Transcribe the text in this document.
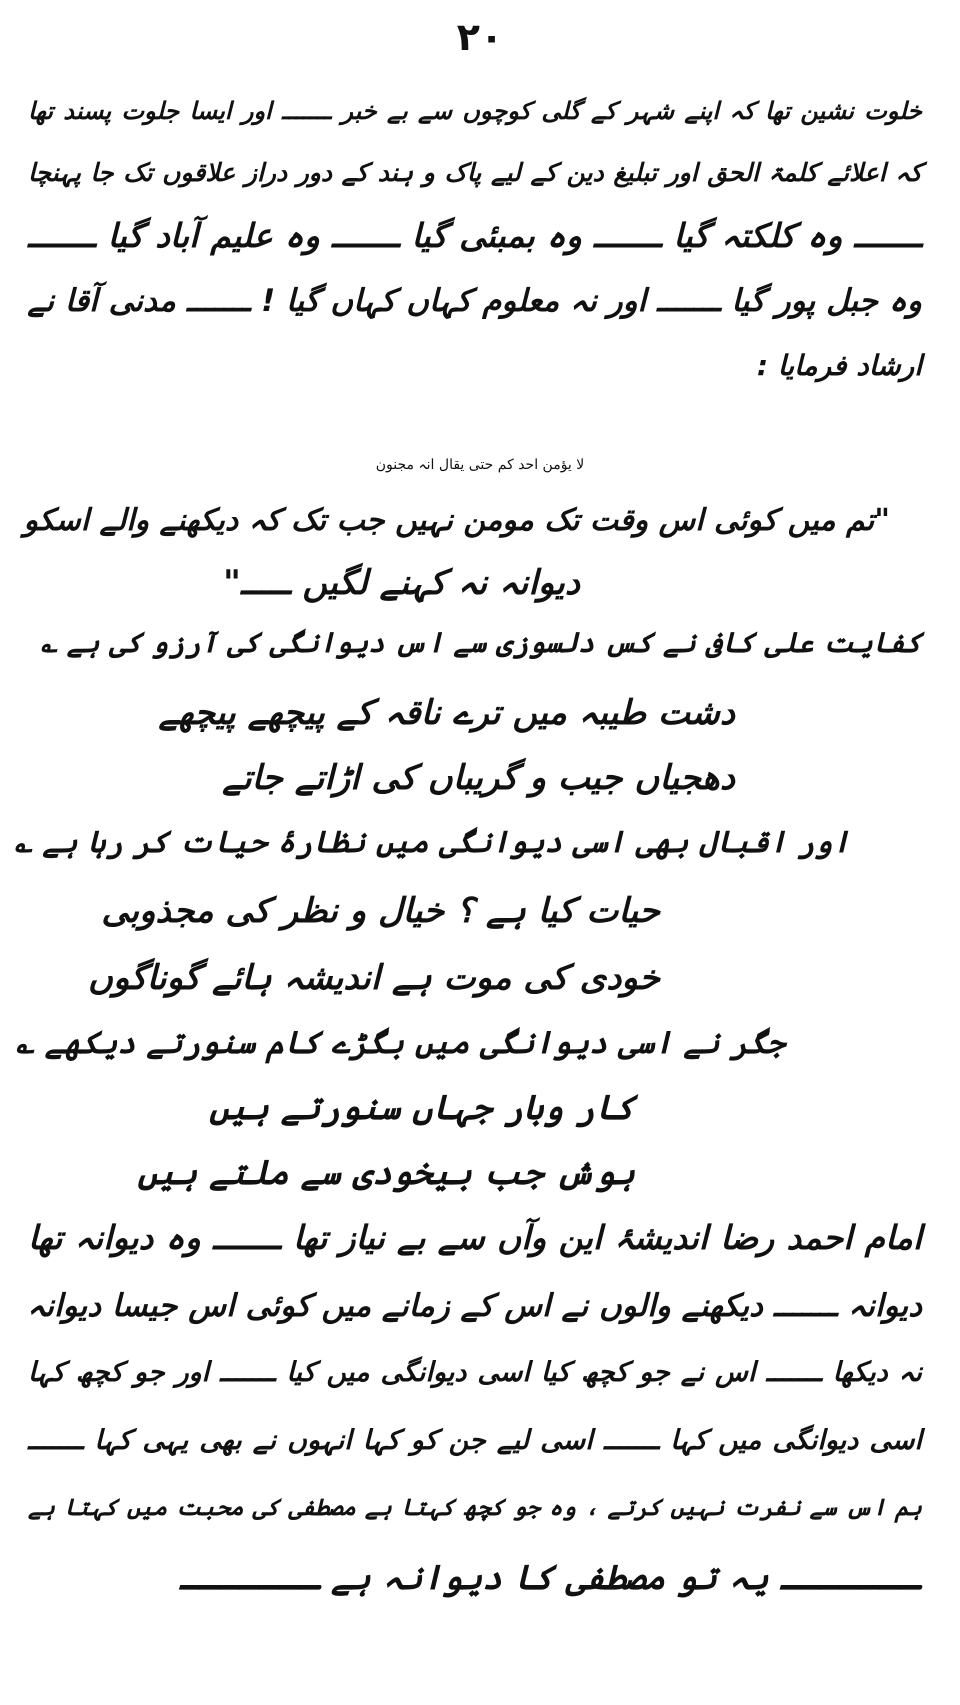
۲۰
خلوت نشین تھا کہ اپنے شہر کے گلی کوچوں سے بے خبر ـــــــ اور ایسا جلوت پسند تھا
کہ اعلائے کلمۃ الحق اور تبلیغ دین کے لیے پاک و ہند کے دور دراز علاقوں تک جا پہنچا
ـــــــ وہ کلکتہ گیا ـــــــ وہ بمبئی گیا ـــــــ وہ علیم آباد گیا ـــــــ
وہ جبل پور گیا ـــــــ اور نہ معلوم کہاں کہاں گیا ! ـــــــ مدنی آقا نے
ارشاد فرمایا :
لا یؤمن احد کم حتی یقال انہ مجنون
"تم میں کوئی اس وقت تک مومن نہیں جب تک کہ دیکھنے والے اسکو
دیوانہ نہ کہنے لگیں ـــــ"
کفایت علی کافی نے کس دلسوزی سے اس دیوانگی کی آرزو کی ہے ؎
دشت طیبہ میں ترے ناقہ کے پیچھے پیچھے
دھجیاں جیب و گریباں کی اڑاتے جاتے
اور اقبال بھی اسی دیوانگی میں نظارۂ حیات کر رہا ہے ؎
حیات کیا ہے ؟ خیال و نظر کی مجذوبی
خودی کی موت ہے اندیشہ ہائے گوناگوں
جگر نے اسی دیوانگی میں بگڑے کام سنورتے دیکھے ؎
کار وبار جہاں سنورتے ہیں
ہوش جب بیخودی سے ملتے ہیں
امام احمد رضا اندیشۂ این وآں سے بے نیاز تھا ـــــــ وہ دیوانہ تھا
دیوانہ ـــــــ دیکھنے والوں نے اس کے زمانے میں کوئی اس جیسا دیوانہ
نہ دیکھا ـــــــ اس نے جو کچھ کیا اسی دیوانگی میں کیا ـــــــ اور جو کچھ کہا
اسی دیوانگی میں کہا ـــــــ اسی لیے جن کو کہا انہوں نے بھی یہی کہا ـــــــ
ہم اس سے نفرت نہیں کرتے ، وہ جو کچھ کہتا ہے مصطفی کی محبت میں کہتا ہے
ـــــــ یہ تو مصطفی کا دیوانہ ہے ـــــــ
